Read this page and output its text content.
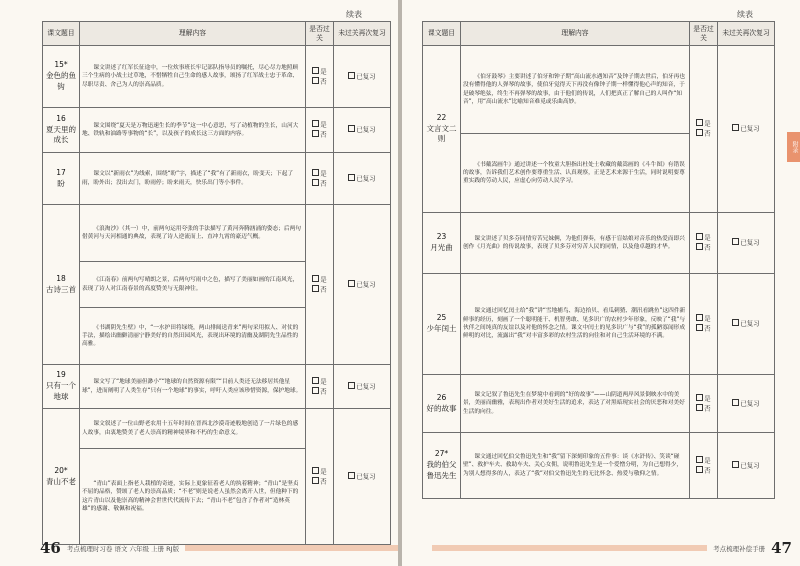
续表
课文题目	理解内容	是否过关	未过关再次复习

15*
金色的鱼钩	课文讲述了红军长征途中，一位炊事班长牢记部队指导员的嘱托，尽心尽力地照顾三个生病的小战士过草地，不惜牺牲自己生命的感人故事，颂扬了红军战士忠于革命、尽职尽责、舍己为人的崇高品质。	是
否	已复习

16
夏天里的成长	课文围绕“夏天是万物迅速生长的季节”这一中心意思，写了动植物的生长，山河大地、铁轨和油路等事物的“长”，以及孩子的成长这三方面的内容。	是
否	已复习

17
盼	课文以“新雨衣”为线索，围绕“盼”字，描述了“我”有了新雨衣，盼变天；下起了雨，盼外出；没出去门，盼雨停；盼来雨天，快乐出门等小事件。	是
否	已复习

18
古诗三首	《浪淘沙》（其一）中，前两句运用夸张的手法描写了黄河奔腾汹涌的姿态；后两句借黄河与天河相通的典故，表现了诗人逆流而上、直冲九霄的豪迈气概。	是
否	已复习

	《江南春》前两句写晴朗之景，后两句写雨中之色，描写了美丽如画的江南风光，表现了诗人对江南春景的高度赞美与无限神往。		
	《书湖阴先生壁》中，“一水护田将绿绕，两山排闼送青来”两句采用拟人、对仗的手法，描绘出幽僻清丽宁静美好的自然田园风光，表现出环境的清幽及湖阴先生品性的高雅。		

19
只有一个地球	课文写了“地球美丽但渺小”“地球的自然资源有限”“目前人类还无法移居其他星球”，进而阐明了人类生存“只有一个地球”的事实，呼吁人类应该珍惜资源，保护地球。	是
否	已复习

20*
青山不老	课文叙述了一位山野老农用十五年时间在晋西北沙漠奇迹般地创造了一片绿色的感人故事，由衷地赞美了老人崇高的精神境界和不朽的生命意义。	是
否	已复习

	“青山”表面上指老人栽植的奇迹，实际上更象征着老人的执着精神；“青山”是坚贞不屈的品格，赞颂了老人的崇高品质；“不老”则是说老人虽然会离开人世，但他种下的这片青山以及他崇高的精神会世世代代流传下去；“青山不老”包含了作者对“造林英雄”的感谢、敬佩和祝福。		
46 考点梳理时习卷 语文 六年级 上册 RJ版
附录
续表
课文题目	理解内容	是否过关	未过关再次复习

22
文言文二则	《伯牙鼓琴》主要讲述了伯牙和钟子期“高山流水遇知音”及钟子期去世后，伯牙再也没有懂得他的人弹琴的故事，使伯牙觉得天下再没有像钟子期一样懂得他心声的知音，于是破琴绝弦，终生不再弹琴的故事，由于他们的传说，人们把真正了解自己的人叫作“知音”，用“高山流水”比喻知音难觅或乐曲高妙。	是
否	已复习

	《书戴嵩画牛》通过讲述一个牧童大胆指出杜处士收藏的戴嵩画的《斗牛图》有错误的故事，告诉我们艺术创作要尊重生活、认真观察，正是艺术来源于生活，同时说明要尊重实践的劳动人民，应虚心向劳动人民学习。		

23
月光曲	课文讲述了贝多芬同情穷苦兄妹俩，为他们弹奏，有感于盲姑娘对音乐的热爱而即兴创作《月光曲》的传说故事，表现了贝多芬对穷苦人民的同情，以及他卓越的才华。	是
否	已复习

25
少年闰土	课文通过回忆闰土给“我”讲“雪地捕鸟、海边拾贝、看瓜刺猹、潮汛看跳鱼”这四件新鲜事的经历，刻画了一个聪明能干、机智勇敢、见多识广的农村少年形象，反映了“我”与伙伴之间纯真的友谊以及对他的怀念之情。课文中闰土的见多识广与“我”的孤陋寡闻形成鲜明的对比，流露出“我”对丰富多彩的农村生活的向往和对自己生活环境的不满。	是
否	已复习

26
好的故事	课文记叙了鲁迅先生在梦境中看到的“好的故事”——山阴道两岸风景倒映水中的美景，美丽而幽雅，表现出作者对美好生活的追求，表达了对黑暗现实社会的厌恶和对美好生活的向往。	是
否	已复习

27*
我的伯父鲁迅先生	课文通过回忆伯父鲁迅先生和“我”留下深刻印象的五件事：谈《水浒传》、笑谈“碰壁”、救护车夫、救助车夫、关心女佣，说明鲁迅先生是一个爱憎分明，为自己想得少，为别人想得多的人，表达了“我”对伯父鲁迅先生的无比怀念、热爱与敬仰之情。	是
否	已复习
考点梳理补偿手册 47
